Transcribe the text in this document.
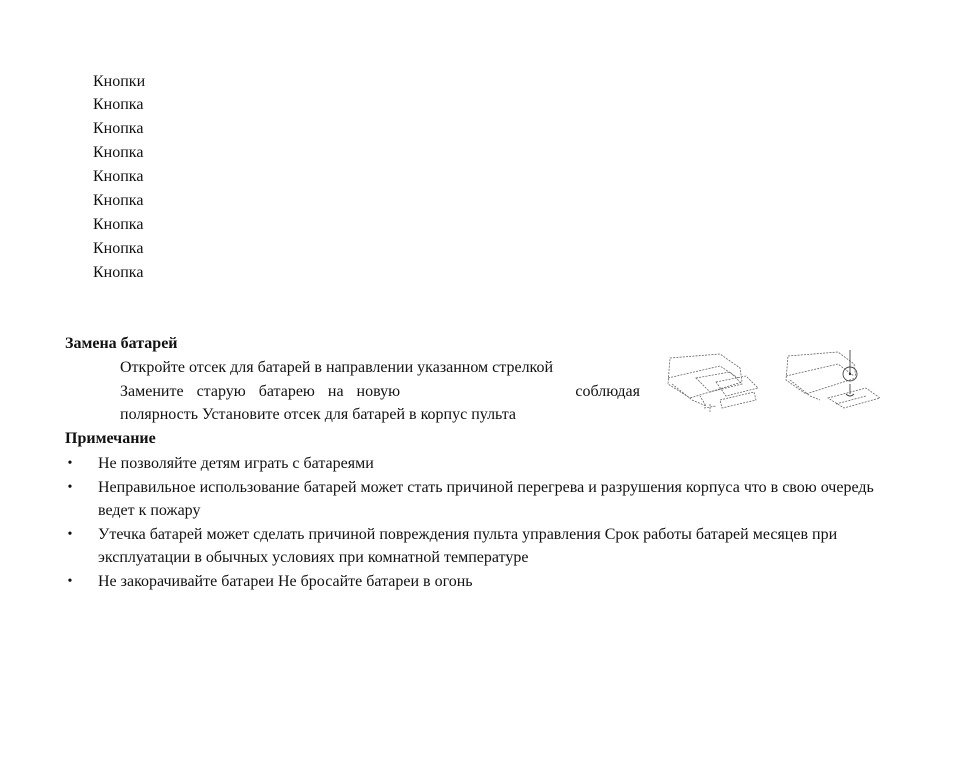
Кнопки
Кнопка
Кнопка
Кнопка
Кнопка
Кнопка
Кнопка
Кнопка
Кнопка
Замена батарей
Откройте отсек для батарей в направлении указанном стрелкой
Замените старую батарею на новую	соблюдая
полярность Установите отсек для батарей в корпус пульта
Примечание
• Не позволяйте детям играть с батареями
• Неправильное использование батарей может стать причиной перегрева и разрушения корпуса что в свою очередь ведет к пожару
• Утечка батарей может сделать причиной повреждения пульта управления Срок работы батарей месяцев при эксплуатации в обычных условиях при комнатной температуре
• Не закорачивайте батареи Не бросайте батареи в огонь
